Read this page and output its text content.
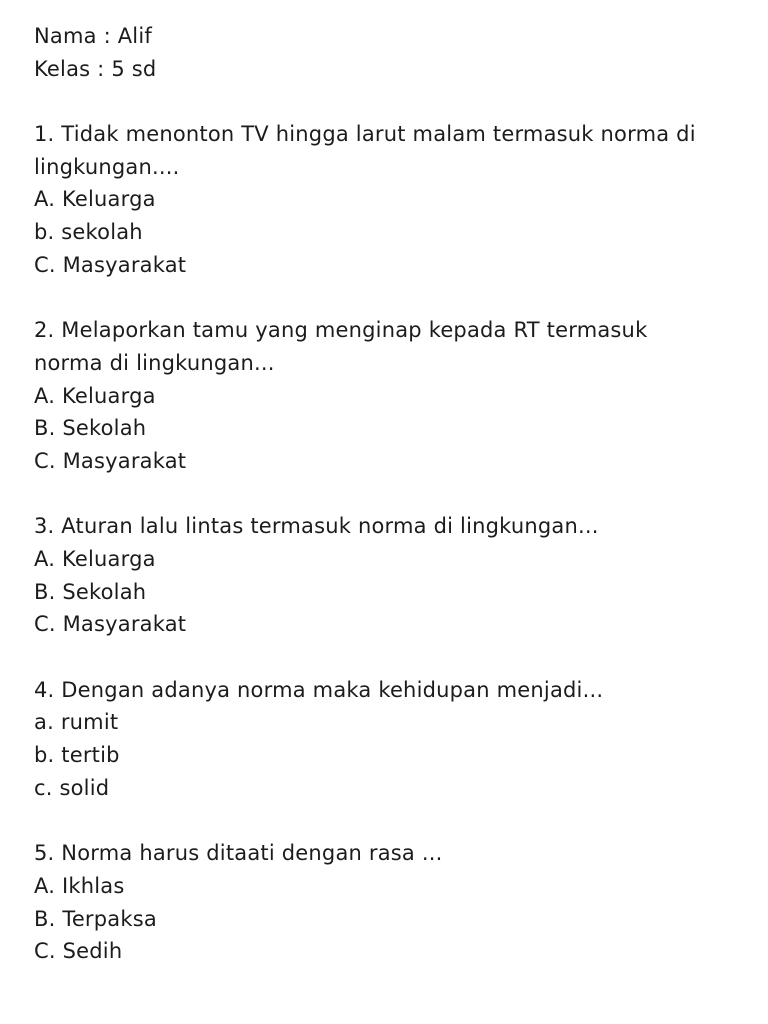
Nama : Alif
Kelas : 5 sd
1. Tidak menonton TV hingga larut malam termasuk norma di
lingkungan....
A. Keluarga
b. sekolah
C. Masyarakat
2. Melaporkan tamu yang menginap kepada RT termasuk
norma di lingkungan...
A. Keluarga
B. Sekolah
C. Masyarakat
3. Aturan lalu lintas termasuk norma di lingkungan...
A. Keluarga
B. Sekolah
C. Masyarakat
4. Dengan adanya norma maka kehidupan menjadi...
a. rumit
b. tertib
c. solid
5. Norma harus ditaati dengan rasa ...
A. Ikhlas
B. Terpaksa
C. Sedih
